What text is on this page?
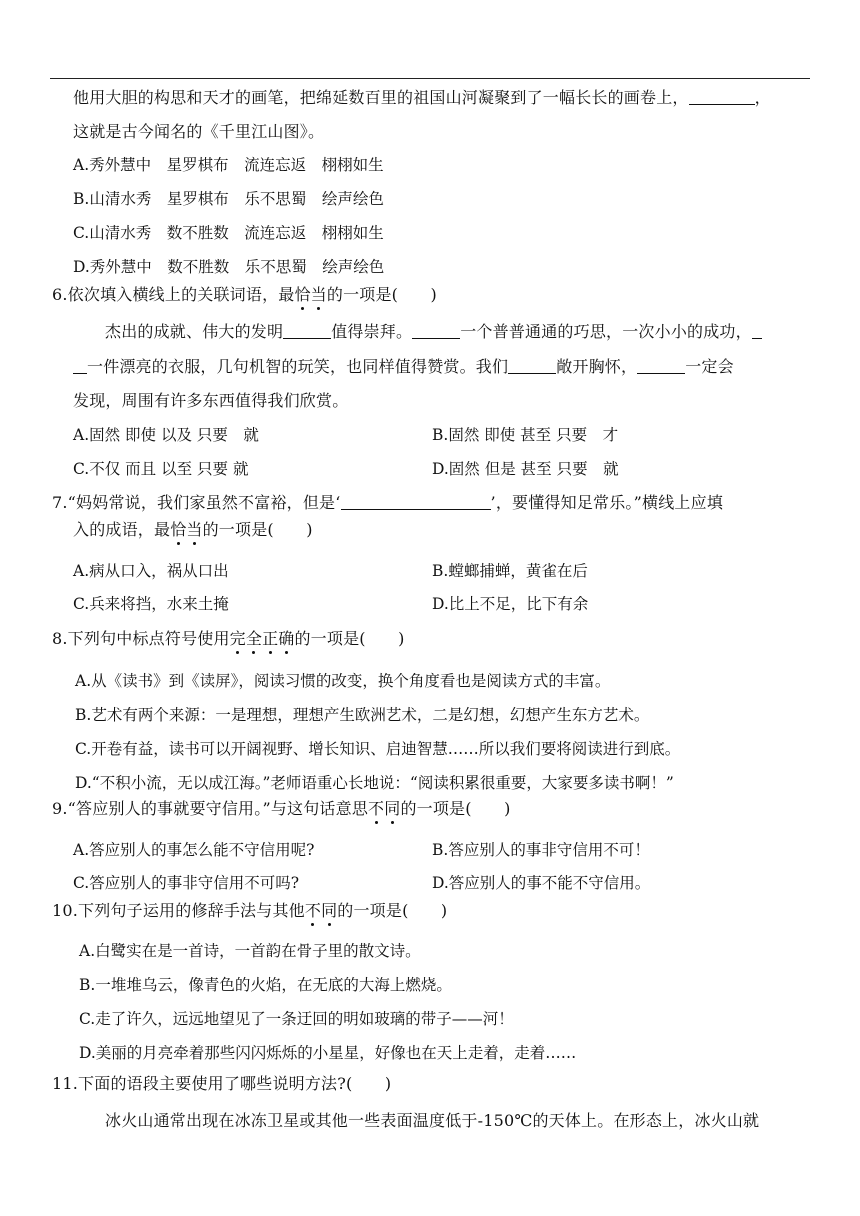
他用大胆的构思和天才的画笔，把绵延数百里的祖国山河凝聚到了一幅长长的画卷上，	，
这就是古今闻名的《千里江山图》。
A.秀外慧中　星罗棋布　流连忘返　栩栩如生
B.山清水秀　星罗棋布　乐不思蜀　绘声绘色
C.山清水秀　数不胜数　流连忘返　栩栩如生
D.秀外慧中　数不胜数　乐不思蜀　绘声绘色
6.依次填入横线上的关联词语，最恰当的一项是(　　)
杰出的成就、伟大的发明	值得崇拜。	一个普普通通的巧思，一次小小的成功，
一件漂亮的衣服，几句机智的玩笑，也同样值得赞赏。我们	敞开胸怀，	一定会
发现，周围有许多东西值得我们欣赏。
A.固然 即使 以及 只要　就	B.固然 即使 甚至 只要　才
C.不仅 而且 以至 只要 就	D.固然 但是 甚至 只要　就
7.“妈妈常说，我们家虽然不富裕，但是‘	’，要懂得知足常乐。”横线上应填
入的成语，最恰当的一项是(　　)
A.病从口入，祸从口出	B.螳螂捕蝉，黄雀在后
C.兵来将挡，水来土掩	D.比上不足，比下有余
8.下列句中标点符号使用完全正确的一项是(　　)
A.从《读书》到《读屏》，阅读习惯的改变，换个角度看也是阅读方式的丰富。
B.艺术有两个来源：一是理想，理想产生欧洲艺术，二是幻想，幻想产生东方艺术。
C.开卷有益，读书可以开阔视野、增长知识、启迪智慧……所以我们要将阅读进行到底。
D.“不积小流，无以成江海。”老师语重心长地说：“阅读积累很重要，大家要多读书啊！”
9.“答应别人的事就要守信用。”与这句话意思不同的一项是(　　)
A.答应别人的事怎么能不守信用呢?	B.答应别人的事非守信用不可！
C.答应别人的事非守信用不可吗?	D.答应别人的事不能不守信用。
10.下列句子运用的修辞手法与其他不同的一项是(　　)
A.白鹭实在是一首诗，一首韵在骨子里的散文诗。
B.一堆堆乌云，像青色的火焰，在无底的大海上燃烧。
C.走了许久，远远地望见了一条迂回的明如玻璃的带子——河！
D.美丽的月亮牵着那些闪闪烁烁的小星星，好像也在天上走着，走着……
11.下面的语段主要使用了哪些说明方法?(　　)
冰火山通常出现在冰冻卫星或其他一些表面温度低于-150℃的天体上。在形态上，冰火山就
